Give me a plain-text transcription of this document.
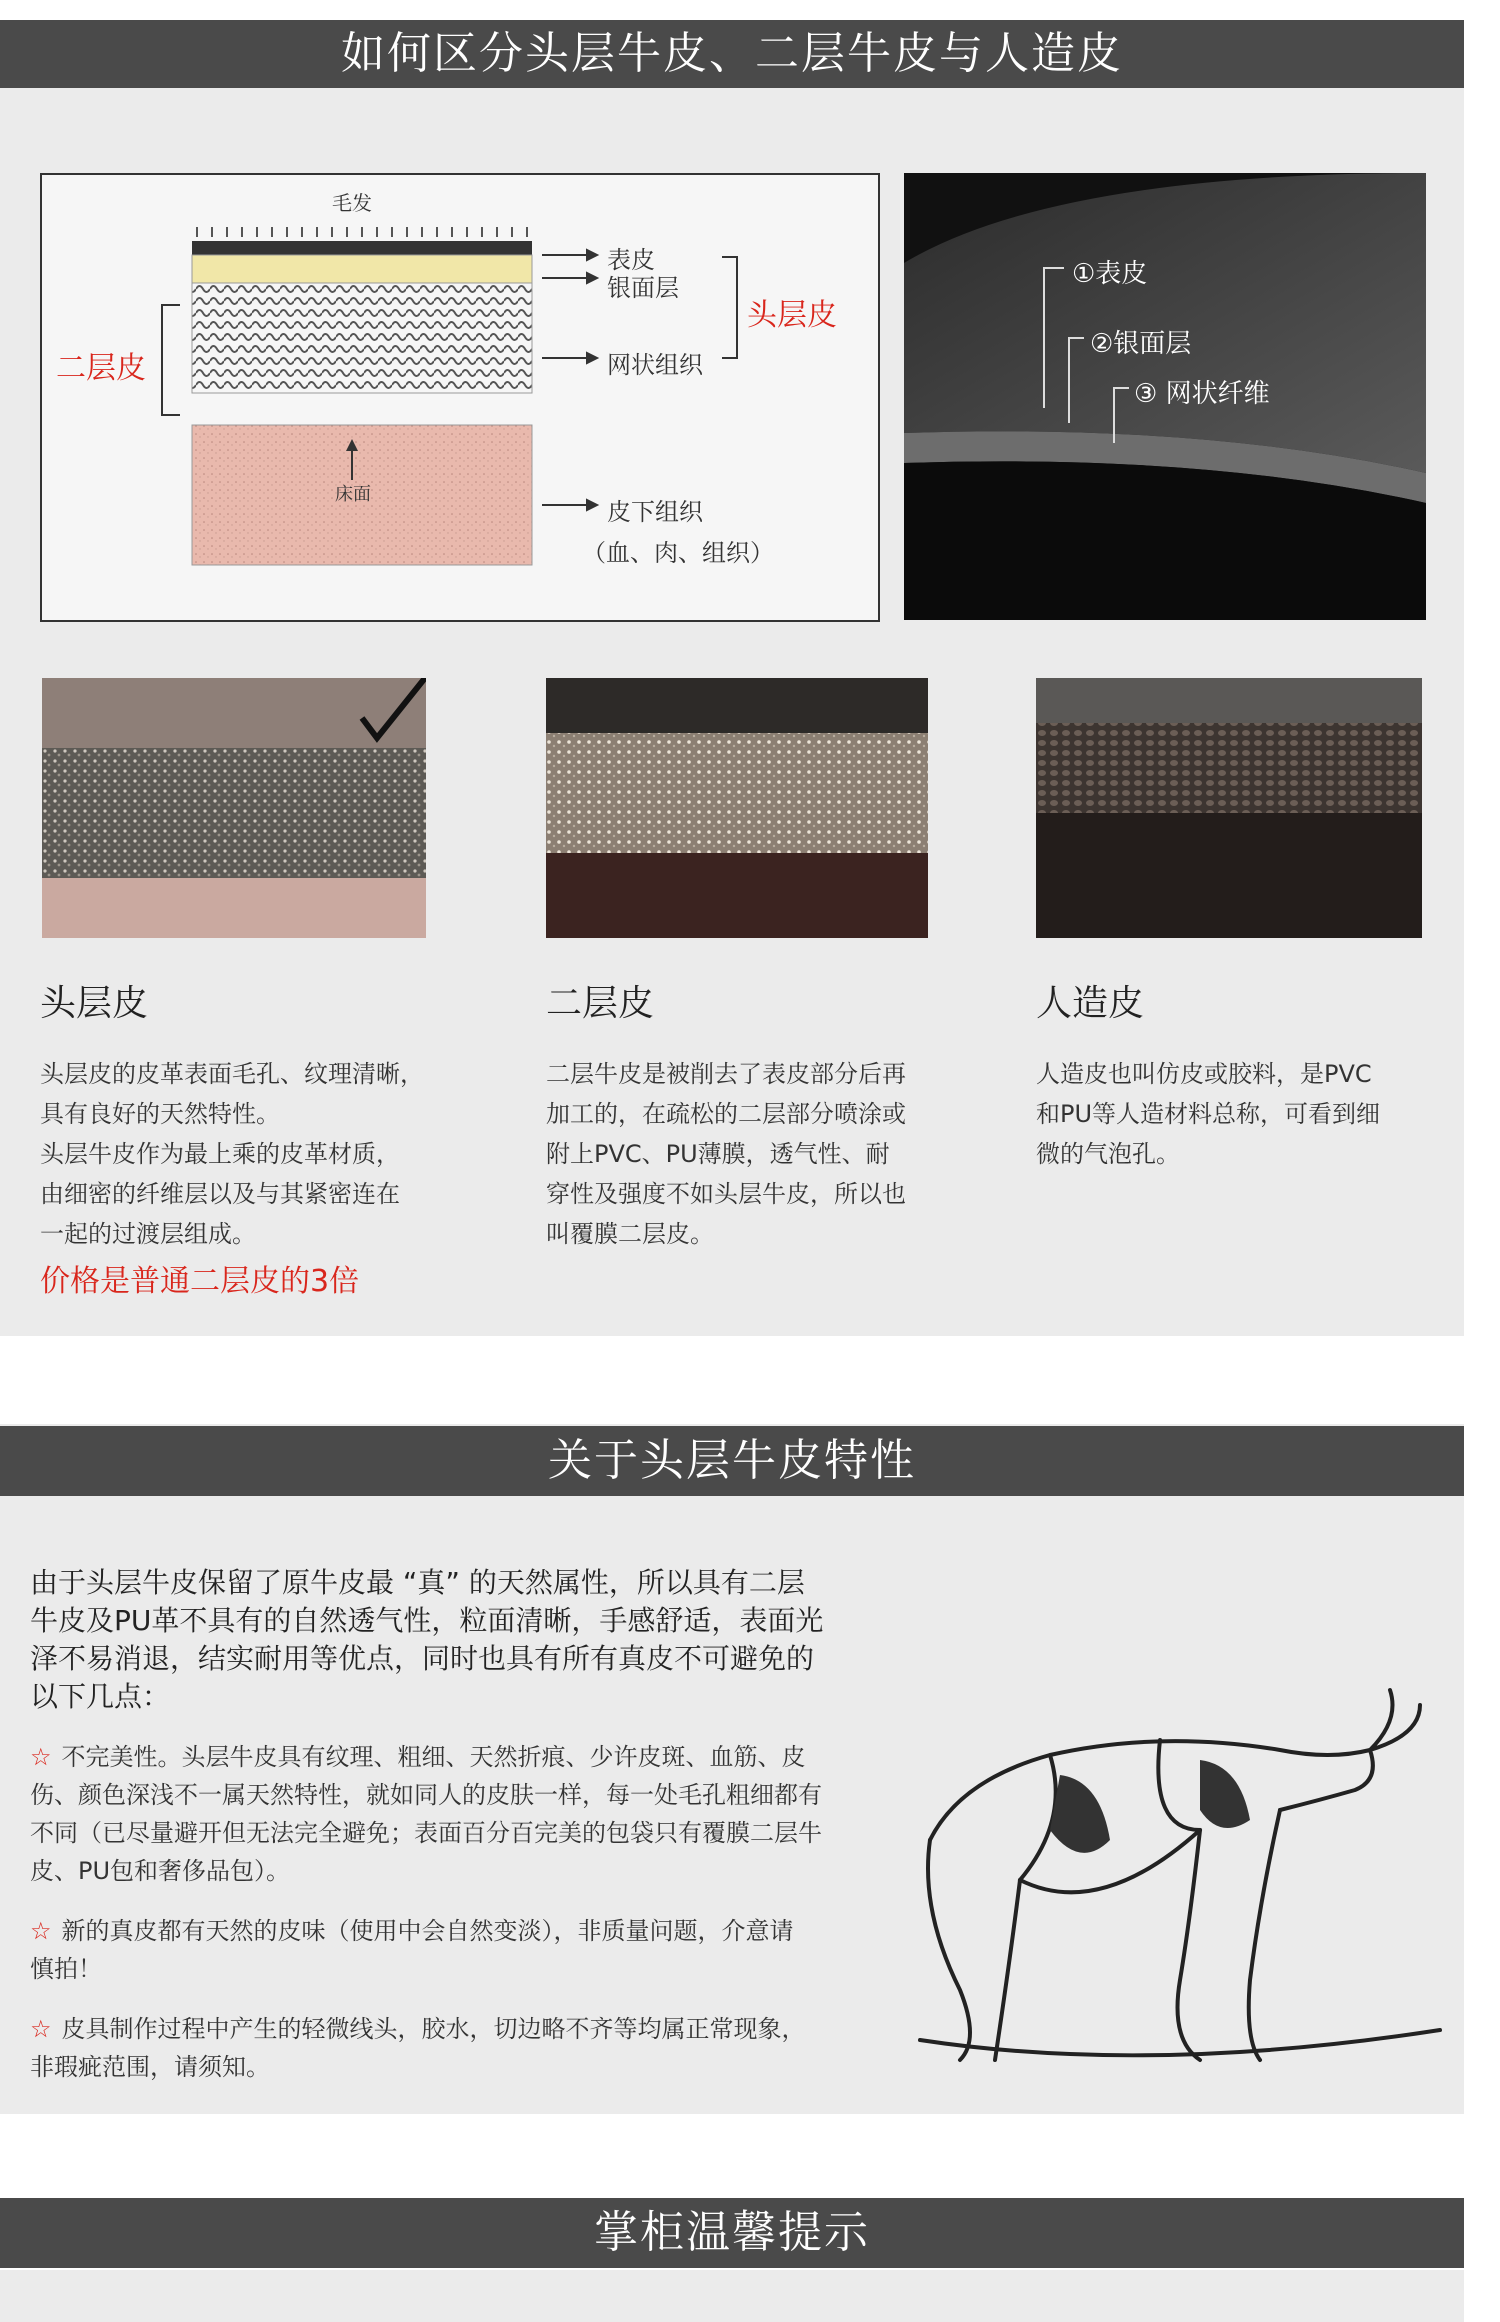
如何区分头层牛皮、二层牛皮与人造皮
毛发
表皮
银面层
网状组织
头层皮
二层皮
床面
皮下组织
（血、肉、组织）
①表皮
②银面层
③ 网状纤维
头层皮	二层皮	人造皮
头层皮的皮革表面毛孔、纹理清晰，
具有良好的天然特性。
头层牛皮作为最上乘的皮革材质，
由细密的纤维层以及与其紧密连在
一起的过渡层组成。
价格是普通二层皮的3倍
二层牛皮是被削去了表皮部分后再
加工的，在疏松的二层部分喷涂或
附上PVC、PU薄膜，透气性、耐
穿性及强度不如头层牛皮，所以也
叫覆膜二层皮。
人造皮也叫仿皮或胶料，是PVC
和PU等人造材料总称，可看到细
微的气泡孔。
关于头层牛皮特性
由于头层牛皮保留了原牛皮最 “真” 的天然属性，所以具有二层
牛皮及PU革不具有的自然透气性，粒面清晰，手感舒适，表面光
泽不易消退，结实耐用等优点，同时也具有所有真皮不可避免的
以下几点：
☆ 不完美性。头层牛皮具有纹理、粗细、天然折痕、少许皮斑、血筋、皮
伤、颜色深浅不一属天然特性，就如同人的皮肤一样，每一处毛孔粗细都有
不同（已尽量避开但无法完全避免；表面百分百完美的包袋只有覆膜二层牛
皮、PU包和奢侈品包）。
☆ 新的真皮都有天然的皮味（使用中会自然变淡），非质量问题，介意请
慎拍！
☆ 皮具制作过程中产生的轻微线头，胶水，切边略不齐等均属正常现象，
非瑕疵范围，请须知。
掌柜温馨提示
